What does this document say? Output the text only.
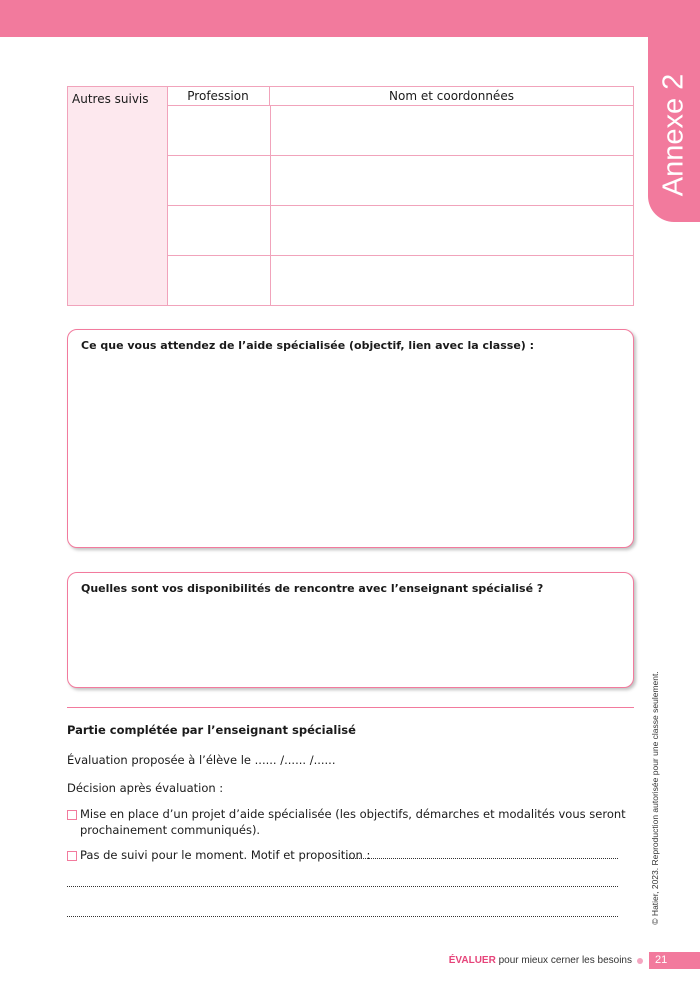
Annexe 2
Autres suivis	Profession	Nom et coordonnées
Ce que vous attendez de l’aide spécialisée (objectif, lien avec la classe) :
Quelles sont vos disponibilités de rencontre avec l’enseignant spécialisé ?
Partie complétée par l’enseignant spécialisé
Évaluation proposée à l’élève le ...... /...... /......
Décision après évaluation :
Mise en place d’un projet d’aide spécialisée (les objectifs, démarches et modalités vous seront
prochainement communiqués).
Pas de suivi pour le moment. Motif et proposition :	© Hatier, 2023. Reproduction autorisée pour une classe seulement.
ÉVALUER pour mieux cerner les besoins	21
